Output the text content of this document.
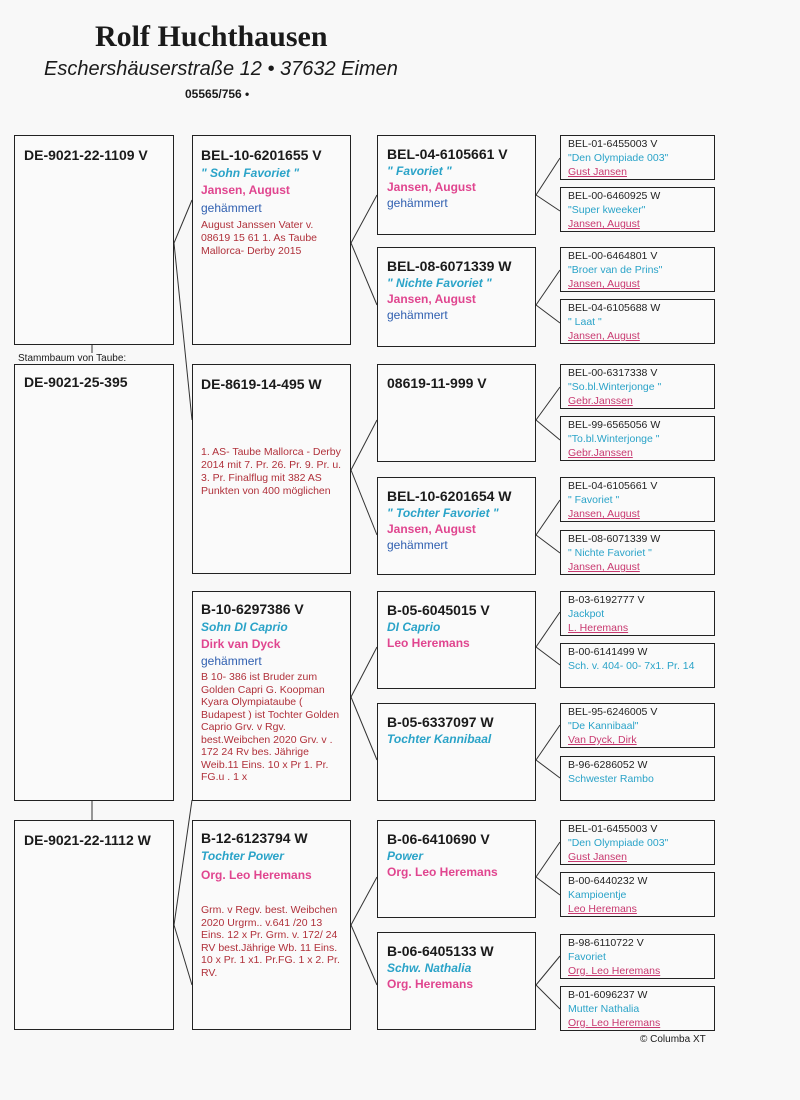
Rolf Huchthausen
Eschershäuserstraße 12 • 37632 Eimen
05565/756 •
DE-9021-22-1109 V
DE-9021-25-395
Stammbaum von Taube:
DE-9021-22-1112 W
BEL-10-6201655 V
" Sohn Favoriet "
Jansen, August
gehämmert
August Janssen Vater v. 08619 15 61 1. As Taube Mallorca- Derby 2015
DE-8619-14-495 W
1. AS- Taube Mallorca - Derby 2014 mit 7. Pr. 26. Pr. 9. Pr. u. 3. Pr. Finalflug mit 382 AS Punkten von 400 möglichen
B-10-6297386 V
Sohn DI Caprio
Dirk van Dyck
gehämmert
B 10- 386 ist Bruder zum Golden Capri G. Koopman Kyara Olympiataube ( Budapest ) ist Tochter Golden Caprio Grv. v Rgv. best.Weibchen 2020 Grv. v . 172 24 Rv bes. Jährige Weib.11 Eins. 10 x Pr 1. Pr. FG.u . 1 x
B-12-6123794 W
Tochter Power
Org. Leo Heremans
Grm. v Regv. best. Weibchen 2020 Urgrm.. v.641 /20 13 Eins. 12 x Pr. Grm. v. 172/ 24 RV best.Jährige Wb. 11 Eins. 10 x Pr. 1 x1. Pr.FG. 1 x 2. Pr. RV.
BEL-04-6105661 V
" Favoriet "
Jansen, August
gehämmert
BEL-08-6071339 W
" Nichte Favoriet "
Jansen, August
gehämmert
08619-11-999 V
BEL-10-6201654 W
" Tochter Favoriet "
Jansen, August
gehämmert
B-05-6045015 V
DI Caprio
Leo Heremans
B-05-6337097 W
Tochter Kannibaal
B-06-6410690 V
Power
Org. Leo Heremans
B-06-6405133 W
Schw. Nathalia
Org. Heremans
BEL-01-6455003 V
"Den Olympiade 003"
Gust Jansen
BEL-00-6460925 W
"Super kweeker"
Jansen, August
BEL-00-6464801 V
"Broer van de Prins"
Jansen, August
BEL-04-6105688 W
" Laat "
Jansen, August
BEL-00-6317338 V
"So.bl.Winterjonge "
Gebr.Janssen
BEL-99-6565056 W
"To.bl.Winterjonge "
Gebr.Janssen
BEL-04-6105661 V
" Favoriet "
Jansen, August
BEL-08-6071339 W
" Nichte Favoriet "
Jansen, August
B-03-6192777 V
Jackpot
L. Heremans
B-00-6141499 W
Sch. v. 404- 00- 7x1. Pr. 14
BEL-95-6246005 V
"De Kannibaal"
Van Dyck, Dirk
B-96-6286052 W
Schwester Rambo
BEL-01-6455003 V
"Den Olympiade 003"
Gust Jansen
B-00-6440232 W
Kampioentje
Leo Heremans
B-98-6110722 V
Favoriet
Org. Leo Heremans
B-01-6096237 W
Mutter Nathalia
Org. Leo Heremans
© Columba XT
